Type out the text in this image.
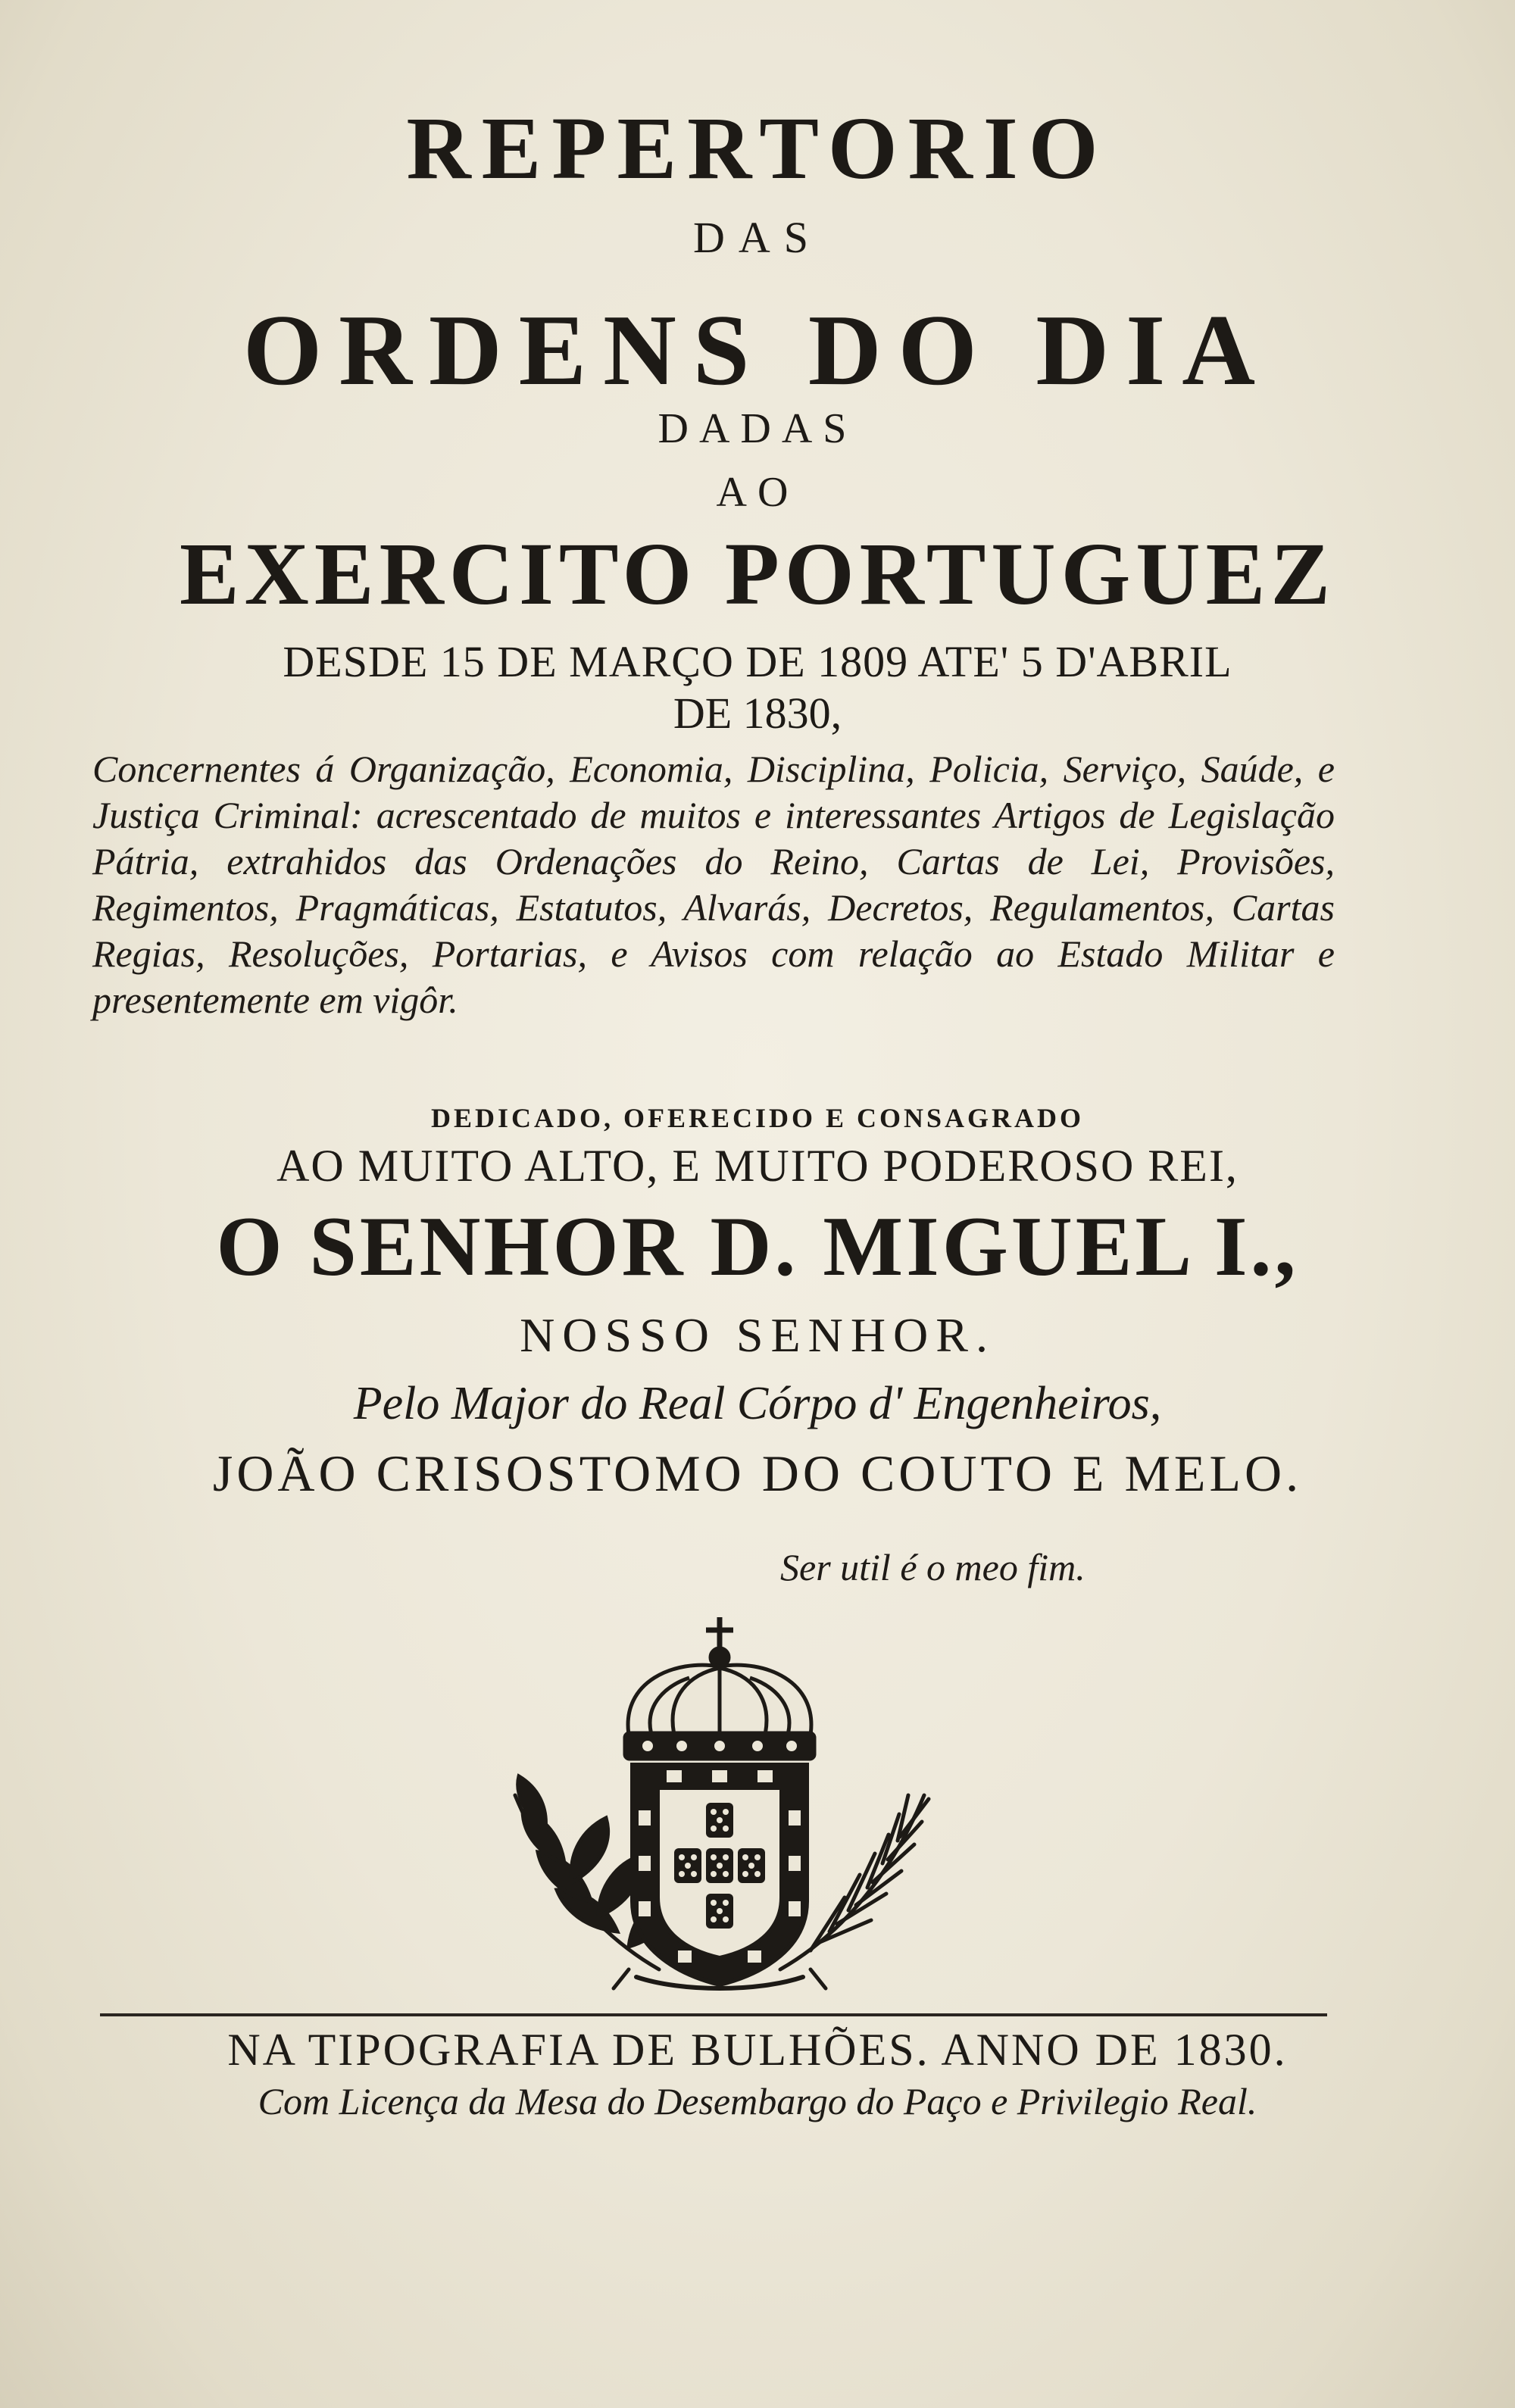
REPERTORIO
DAS
ORDENS DO DIA
DADAS
AO
EXERCITO PORTUGUEZ
DESDE 15 DE MARÇO DE 1809 ATE' 5 D'ABRIL
DE 1830,
Concernentes á Organização, Economia, Disciplina, Policia, Serviço, Saúde, e Justiça Criminal: acrescentado de muitos e interessantes Artigos de Legislação Pátria, extrahidos das Ordenações do Reino, Cartas de Lei, Provisões, Regimentos, Pragmáticas, Estatutos, Alvarás, Decretos, Regulamentos, Cartas Regias, Resoluções, Portarias, e Avisos com relação ao Estado Militar e presentemente em vigôr.
DEDICADO, OFERECIDO E CONSAGRADO
AO MUITO ALTO, E MUITO PODEROSO REI,
O SENHOR D. MIGUEL I.,
NOSSO SENHOR.
Pelo Major do Real Córpo d' Engenheiros,
JOÃO CRISOSTOMO DO COUTO E MELO.
Ser util é o meo fim.
NA TIPOGRAFIA DE BULHÕES. ANNO DE 1830.
Com Licença da Mesa do Desembargo do Paço e Privilegio Real.
